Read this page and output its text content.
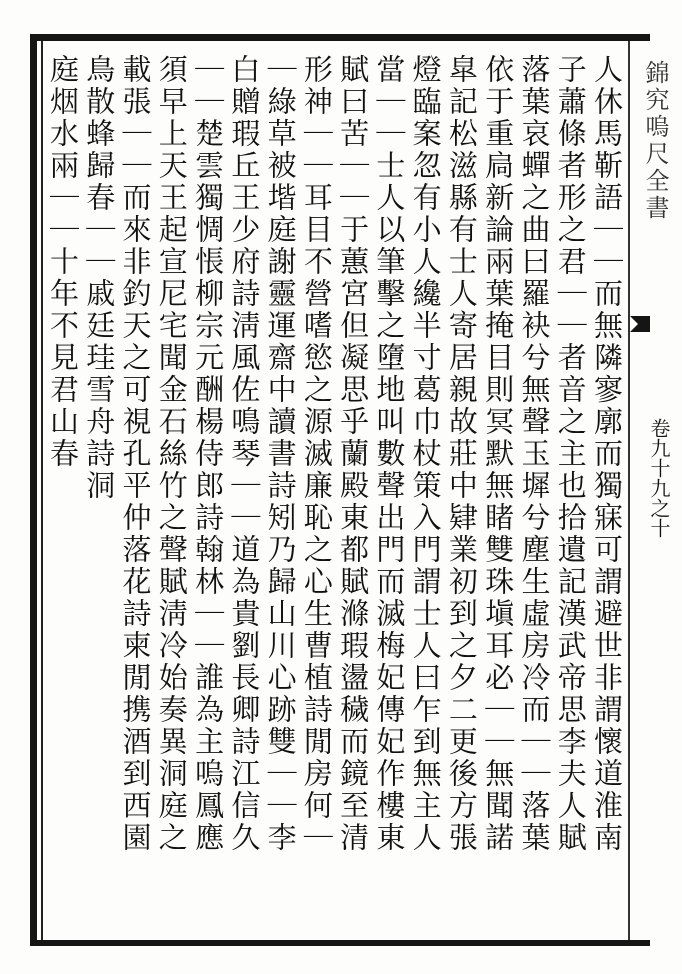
錦究嗚尺全書
卷九十九之十
人休馬靳語｜｜而無隣寥廓而獨寐可謂避世非謂懷道淮南
子蕭條者形之君｜｜者音之主也拾遺記漢武帝思李夫人賦
落葉哀蟬之曲曰羅袂兮無聲玉墀兮塵生虛房冷而｜｜落葉
依于重扃新論兩葉掩目則冥默無睹雙珠塡耳必｜｜無聞諾
皐記松滋縣有士人寄居親故莊中肄業初到之夕二更後方張
燈臨案忽有小人纔半寸葛巾杖策入門謂士人曰乍到無主人
當｜｜士人以筆擊之墮地叫數聲出門而滅梅妃傳妃作樓東
賦曰苦｜｜于蕙宮但凝思乎蘭殿東都賦滌瑕盪穢而鏡至清
形神｜｜耳目不營嗜慾之源滅廉恥之心生曹植詩閒房何｜
｜綠草被堦庭謝靈運齋中讀書詩矧乃歸山川心跡雙｜｜李
白贈瑕丘王少府詩淸風佐鳴琴｜｜道為貴劉長卿詩江信久
｜｜楚雲獨惆悵柳宗元酬楊侍郎詩翰林｜｜誰為主嗚鳳應
須早上天王起宣尼宅聞金石絲竹之聲賦淸冷始奏異洞庭之
載張｜｜而來非釣天之可視孔平仲落花詩柬閒携酒到西園
鳥散蜂歸春｜｜戚廷珪雪舟詩洞
庭烟水兩｜｜十年不見君山春
